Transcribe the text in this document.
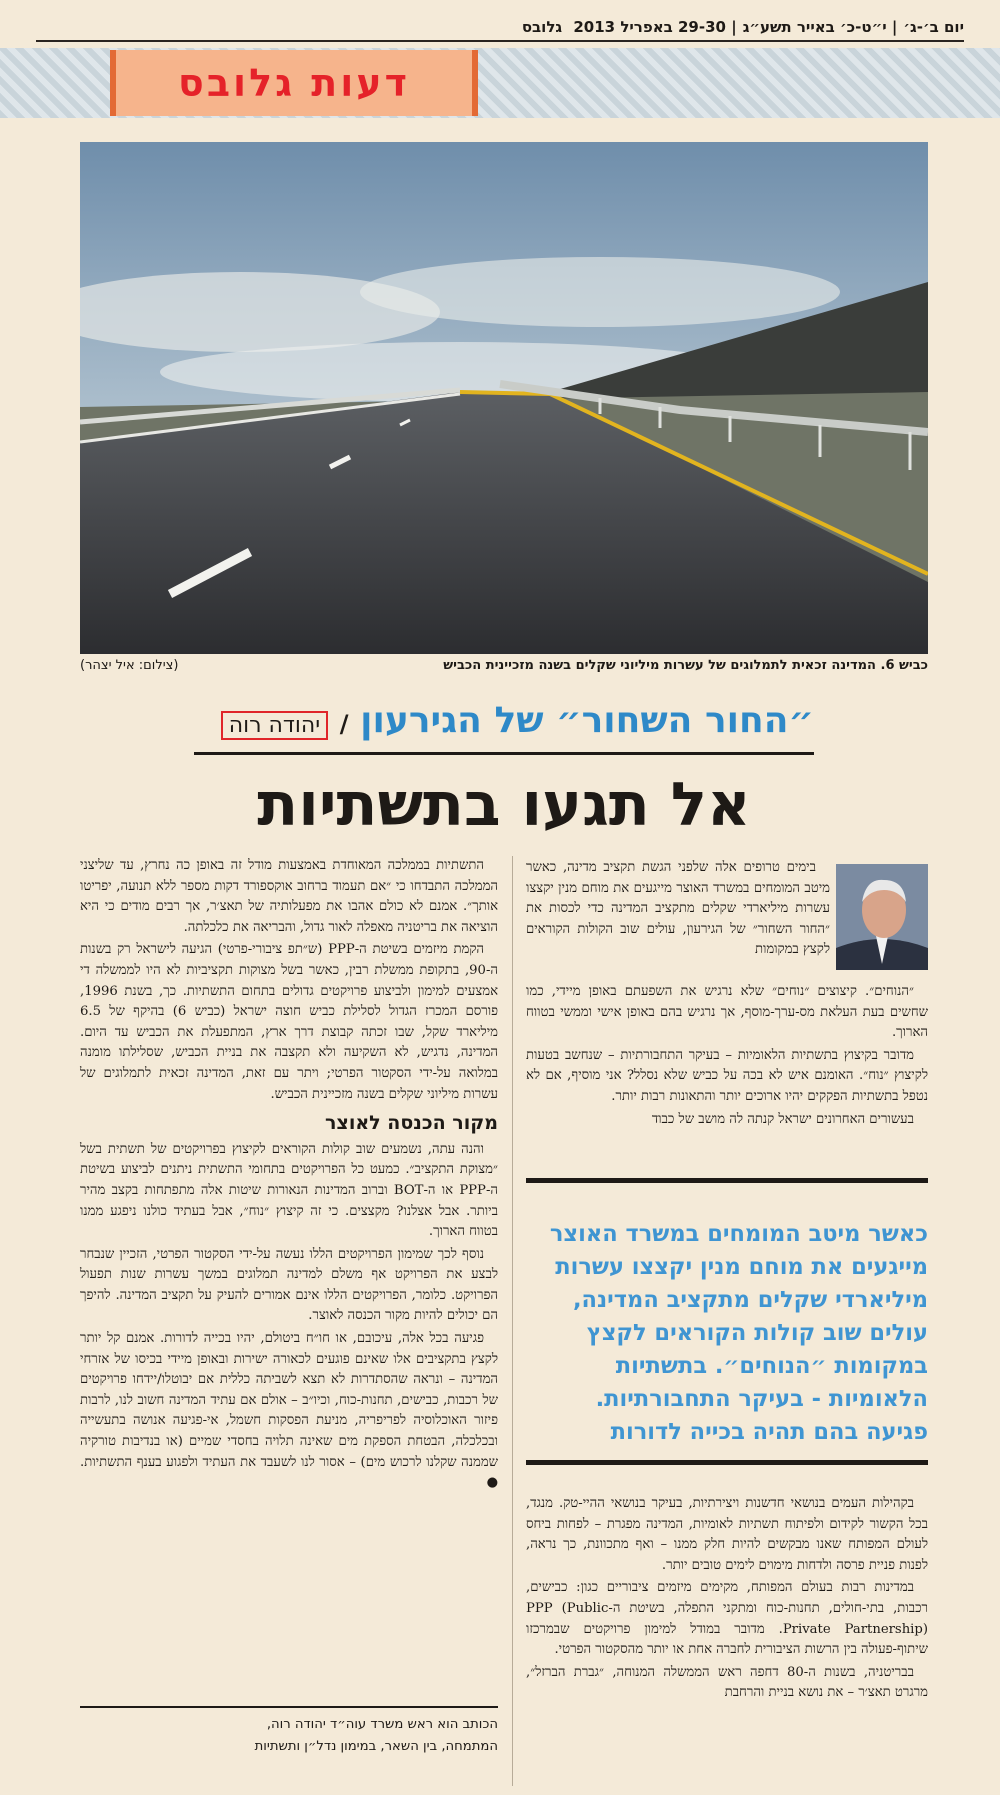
יום ב׳-ג׳| י״ט-כ׳ באייר תשע״ג| 29-30 באפריל 2013 גלובס
דעות גלובס
כביש 6. המדינה זכאית לתמלוגים של עשרות מיליוני שקלים בשנה מזכיינית הכביש
(צילום: איל יצהר)
״החור השחור״ של הגירעון / יהודה רוה
אל תגעו בתשתיות

בימים טרופים אלה שלפני הגשת תקציב מדינה, כאשר מיטב המומחים במשרד האוצר מייגעים את מוחם מנין יקצצו עשרות מיליארדי שקלים מתקציב המדינה כדי לכסות את ״החור השחור״ של הגירעון, עולים שוב הקולות הקוראים לקצץ במקומות

״הנוחים״. קיצוצים ״נוחים״ שלא נרגיש את השפעתם באופן מיידי, כמו שחשים בעת העלאת מס-ערך-מוסף, אך נרגיש בהם באופן אישי וממשי בטווח הארוך.

מדובר בקיצוץ בתשתיות הלאומיות – בעיקר התחבורתיות – שנחשב בטעות לקיצוץ ״נוח״. האומנם איש לא בכה על כביש שלא נסלל? אני מוסיף, אם לא נטפל בתשתיות הפקקים יהיו ארוכים יותר והתאונות רבות יותר.

בעשורים האחרונים ישראל קנתה לה מושב של כבוד

כאשר מיטב המומחים במשרד האוצר מייגעים את מוחם מנין יקצצו עשרות מיליארדי שקלים מתקציב המדינה, עולים שוב קולות הקוראים לקצץ במקומות ״הנוחים״. בתשתיות הלאומיות - בעיקר התחבורתיות. פגיעה בהם תהיה בכייה לדורות

בקהילות העמים בנושאי חדשנות ויצירתיות, בעיקר בנושאי ההיי-טק. מנגד, בכל הקשור לקידום ולפיתוח תשתיות לאומיות, המדינה מפגרת – לפחות ביחס לעולם המפותח שאנו מבקשים להיות חלק ממנו – ואף מתכוונת, כך נראה, לפנות פניית פרסה ולדחות מימוים לימים טובים יותר.

במדינות רבות בעולם המפותח, מקימים מיזמים ציבוריים כגון: כבישים, רכבות, בתי-חולים, תחנות-כוח ומתקני התפלה, בשיטת ה-PPP (Public Private Partnership). מדובר במודל למימון פרויקטים שבמרכזו שיתוף-פעולה בין הרשות הציבורית לחברה אחת או יותר מהסקטור הפרטי.

בבריטניה, בשנות ה-80 דחפה ראש הממשלה המנוחה, ״גברת הברזל״, מרגרט תאצ׳ר – את נושא בניית והרחבת

התשתיות בממלכה המאוחדת באמצעות מודל זה באופן כה נחרץ, עד שליצני הממלכה התבדחו כי ״אם תעמוד ברחוב אוקספורד דקות מספר ללא תנועה, יפריטו אותך״. אמנם לא כולם אהבו את מפעלותיה של תאצ׳ר, אך רבים מודים כי היא הוציאה את בריטניה מאפלה לאור גדול, והבריאה את כלכלתה.

הקמת מיזמים בשיטת ה-PPP (ש״תפ ציבורי-פרטי) הגיעה לישראל רק בשנות ה-90, בתקופת ממשלת רבין, כאשר בשל מצוקות תקציביות לא היו לממשלה די אמצעים למימון ולביצוע פרויקטים גדולים בתחום התשתיות. כך, בשנת 1996, פורסם המכרז הגדול לסלילת כביש חוצה ישראל (כביש 6) בהיקף של 6.5 מיליארד שקל, שבו זכתה קבוצת דרך ארץ, המתפעלת את הכביש עד היום. המדינה, נדגיש, לא השקיעה ולא תקצבה את בניית הכביש, שסלילתו מומנה במלואה על-ידי הסקטור הפרטי; ויתר עם זאת, המדינה זכאית לתמלוגים של עשרות מיליוני שקלים בשנה מזכיינית הכביש.

מקור הכנסה לאוצר

והנה עתה, נשמעים שוב קולות הקוראים לקיצוץ בפרויקטים של תשתית בשל ״מצוקת התקציב״. כמעט כל הפרויקטים בתחומי התשתית ניתנים לביצוע בשיטת ה-PPP או ה-BOT וברוב המדינות הנאורות שיטות אלה מתפתחות בקצב מהיר ביותר. אבל אצלנו? מקצצים. כי זה קיצוץ ״נוח״, אבל בעתיד כולנו ניפגע ממנו בטווח הארוך.

נוסף לכך שמימון הפרויקטים הללו נעשה על-ידי הסקטור הפרטי, הזכיין שנבחר לבצע את הפרויקט אף משלם למדינה תמלוגים במשך עשרות שנות תפעול הפרויקט. כלומר, הפרויקטים הללו אינם אמורים להעיק על תקציב המדינה. להיפך הם יכולים להיות מקור הכנסה לאוצר.

פגיעה בכל אלה, עיכובם, או חו״ח ביטולם, יהיו בכייה לדורות. אמנם קל יותר לקצץ בתקציבים אלו שאינם פוגעים לכאורה ישירות ובאופן מיידי בכיסו של אזרחי המדינה – ונראה שהסתדרות לא תצא לשביתה כללית אם יבוטלו/יידחו פרויקטים של רכבות, כבישים, תחנות-כוח, וכיו״ב – אולם אם עתיד המדינה חשוב לנו, לרבות פיזור האוכלוסיה לפריפריה, מניעת הפסקות חשמל, אי-פגיעה אנושה בתעשייה ובכלכלה, הבטחת הספקת מים שאינה תלויה בחסדי שמיים (או בנדיבות טורקיה שממנה שקלנו לרכוש מים) – אסור לנו לשעבד את העתיד ולפגוע בענף התשתיות. ●

הכותב הוא ראש משרד עוה״ד יהודה רוה,
המתמחה, בין השאר, במימון נדל״ן ותשתיות
